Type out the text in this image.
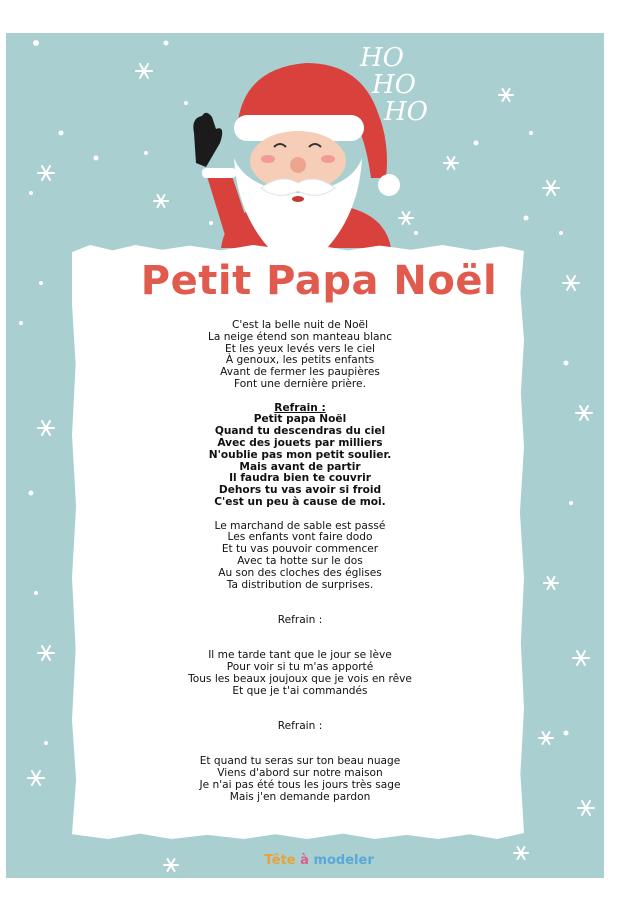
HO
HO
HO
Petit Papa Noël
C'est la belle nuit de Noël
La neige étend son manteau blanc
Et les yeux levés vers le ciel
À genoux, les petits enfants
Avant de fermer les paupières
Font une dernière prière.
Refrain :
Petit papa Noël
Quand tu descendras du ciel
Avec des jouets par milliers
N'oublie pas mon petit soulier.
Mais avant de partir
Il faudra bien te couvrir
Dehors tu vas avoir si froid
C'est un peu à cause de moi.
Le marchand de sable est passé
Les enfants vont faire dodo
Et tu vas pouvoir commencer
Avec ta hotte sur le dos
Au son des cloches des églises
Ta distribution de surprises.
Refrain :
Il me tarde tant que le jour se lève
Pour voir si tu m'as apporté
Tous les beaux joujoux que je vois en rêve
Et que je t'ai commandés
Refrain :
Et quand tu seras sur ton beau nuage
Viens d'abord sur notre maison
Je n'ai pas été tous les jours très sage
Mais j'en demande pardon
Tête à modeler
